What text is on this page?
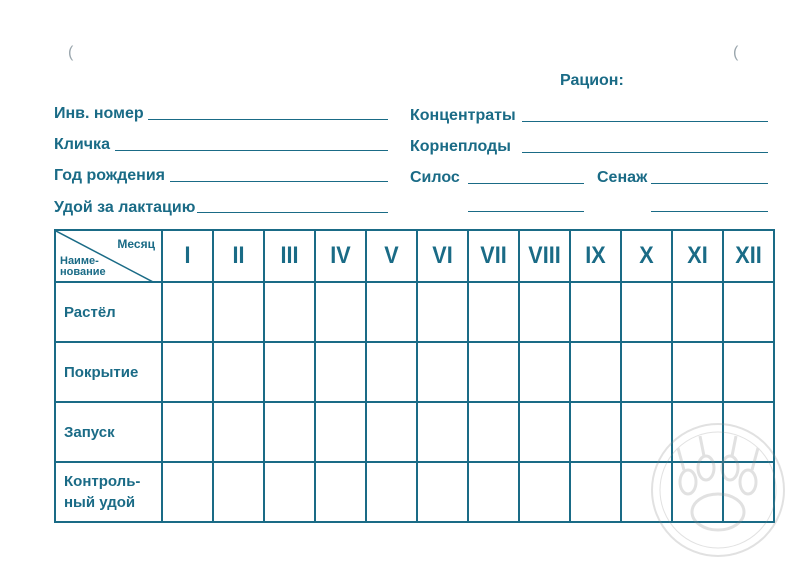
(	(
Рацион:
Инв. номер
Кличка
Год рождения
Удой за лактацию
Концентраты
Корнеплоды
Силос	Сенаж
Месяц
Наиме-
нование	I	II	III	IV	V	VI	VII	VIII	IX	X	XI	XII
Растёл												
Покрытие												
Запуск												
Контроль-
ный удой												
